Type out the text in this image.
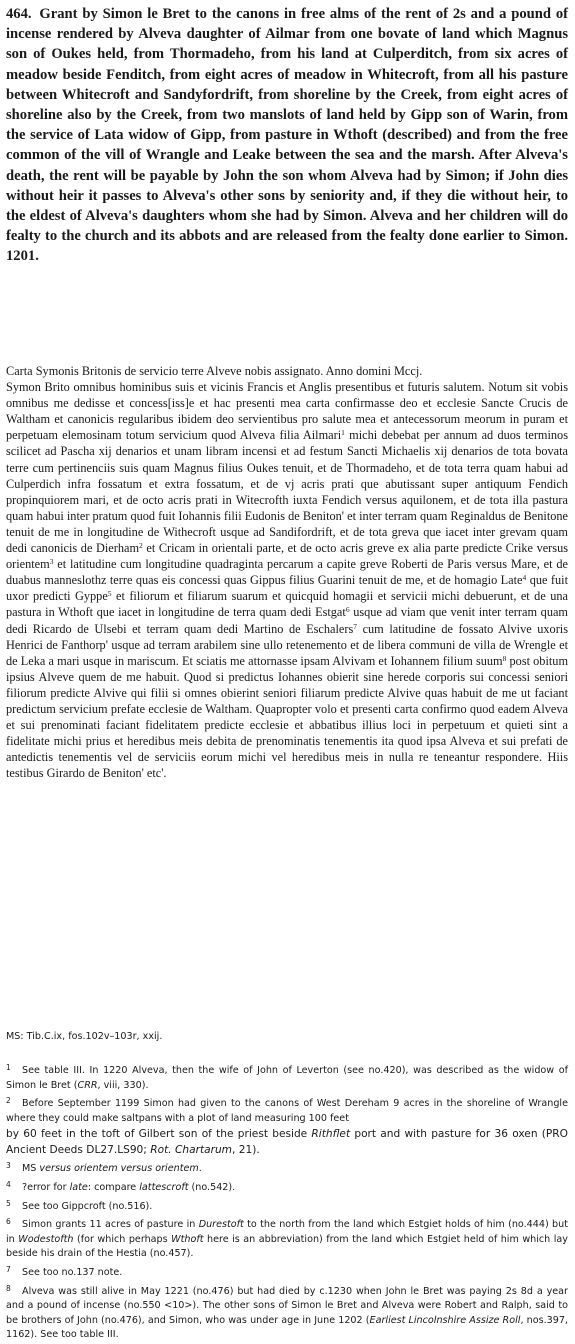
464. Grant by Simon le Bret to the canons in free alms of the rent of 2s and a pound of incense rendered by Alveva daughter of Ailmar from one bovate of land which Magnus son of Oukes held, from Thormadeho, from his land at Culperditch, from six acres of meadow beside Fenditch, from eight acres of meadow in Whitecroft, from all his pasture between Whitecroft and Sandyfordrift, from shoreline by the Creek, from eight acres of shoreline also by the Creek, from two manslots of land held by Gipp son of Warin, from the service of Lata widow of Gipp, from pasture in Wthoft (described) and from the free common of the vill of Wrangle and Leake between the sea and the marsh. After Alveva's death, the rent will be payable by John the son whom Alveva had by Simon; if John dies without heir it passes to Alveva's other sons by seniority and, if they die without heir, to the eldest of Alveva's daughters whom she had by Simon. Alveva and her children will do fealty to the church and its abbots and are released from the fealty done earlier to Simon. 1201.

Carta Symonis Britonis de servicio terre Alveve nobis assignato. Anno domini Mccj.

Symon Brito omnibus hominibus suis et vicinis Francis et Anglis presentibus et futuris salutem. Notum sit vobis omnibus me dedisse et concess[iss]e et hac presenti mea carta confirmasse deo et ecclesie Sancte Crucis de Waltham et canonicis regularibus ibidem deo servientibus pro salute mea et antecessorum meorum in puram et perpetuam elemosinam totum servicium quod Alveva filia Ailmari$^1$ michi debebat per annum ad duos terminos scilicet ad Pascha xij denarios et unam libram incensi et ad festum Sancti Michaelis xij denarios de tota bovata terre cum pertinenciis suis quam Magnus filius Oukes tenuit, et de Thormadeho, et de tota terra quam habui ad Culperdich infra fossatum et extra fossatum, et de vj acris prati que abutissant super antiquum Fendich propinquiorem mari, et de octo acris prati in Witecrofth iuxta Fendich versus aquilonem, et de tota illa pastura quam habui inter pratum quod fuit Iohannis filii Eudonis de Beniton' et inter terram quam Reginaldus de Benitone tenuit de me in longitudine de Withecroft usque ad Sandifordrift, et de tota greva que iacet inter grevam quam dedi canonicis de Dierham$^2$ et Cricam in orientali parte, et de octo acris greve ex alia parte predicte Crike versus orientem$^3$ et latitudine cum longitudine quadraginta percarum a capite greve Roberti de Paris versus Mare, et de duabus manneslothz terre quas eis concessi quas Gippus filius Guarini tenuit de me, et de homagio Late$^4$ que fuit uxor predicti Gyppe$^5$ et filiorum et filiarum suarum et quicquid homagii et servicii michi debuerunt, et de una pastura in Wthoft que iacet in longitudine de terra quam dedi Estgat$^6$ usque ad viam que venit inter terram quam dedi Ricardo de Ulsebi et terram quam dedi Martino de Eschalers$^7$ cum latitudine de fossato Alvive uxoris Henrici de Fanthorp' usque ad terram arabilem sine ullo retenemento et de libera communi de villa de Wrengle et de Leka a mari usque in mariscum. Et sciatis me attornasse ipsam Alvivam et Iohannem filium suum$^8$ post obitum ipsius Alveve quem de me habuit. Quod si predictus Iohannes obierit sine herede corporis sui concessi seniori filiorum predicte Alvive qui filii si omnes obierint seniori filiarum predicte Alvive quas habuit de me ut faciant predictum servicium prefate ecclesie de Waltham. Quapropter volo et presenti carta confirmo quod eadem Alveva et sui prenominati faciant fidelitatem predicte ecclesie et abbatibus illius loci in perpetuum et quieti sint a fidelitate michi prius et heredibus meis debita de prenominatis tenementis ita quod ipsa Alveva et sui prefati de antedictis tenementis vel de serviciis eorum michi vel heredibus meis in nulla re teneantur respondere. Hiis testibus Girardo de Beniton' etc'.

MS: Tib.C.ix, fos.102v–103r, xxij.

1 See table III. In 1220 Alveva, then the wife of John of Leverton (see no.420), was described as the widow of Simon le Bret (CRR, viii, 330).

2 Before September 1199 Simon had given to the canons of West Dereham 9 acres in the shoreline of Wrangle where they could make saltpans with a plot of land measuring 100 feet

by 60 feet in the toft of Gilbert son of the priest beside Rithflet port and with pasture for 36 oxen (PRO Ancient Deeds DL27.LS90; Rot. Chartarum, 21).

3 MS versus orientem versus orientem.

4 ?error for late: compare lattescroft (no.542).

5 See too Gippcroft (no.516).

6 Simon grants 11 acres of pasture in Durestoft to the north from the land which Estgiet holds of him (no.444) but in Wodestofth (for which perhaps Wthoft here is an abbreviation) from the land which Estgiet held of him which lay beside his drain of the Hestia (no.457).

7 See too no.137 note.

8 Alveva was still alive in May 1221 (no.476) but had died by c.1230 when John le Bret was paying 2s 8d a year and a pound of incense (no.550 <10>). The other sons of Simon le Bret and Alveva were Robert and Ralph, said to be brothers of John (no.476), and Simon, who was under age in June 1202 (Earliest Lincolnshire Assize Roll, nos.397, 1162). See too table III.
